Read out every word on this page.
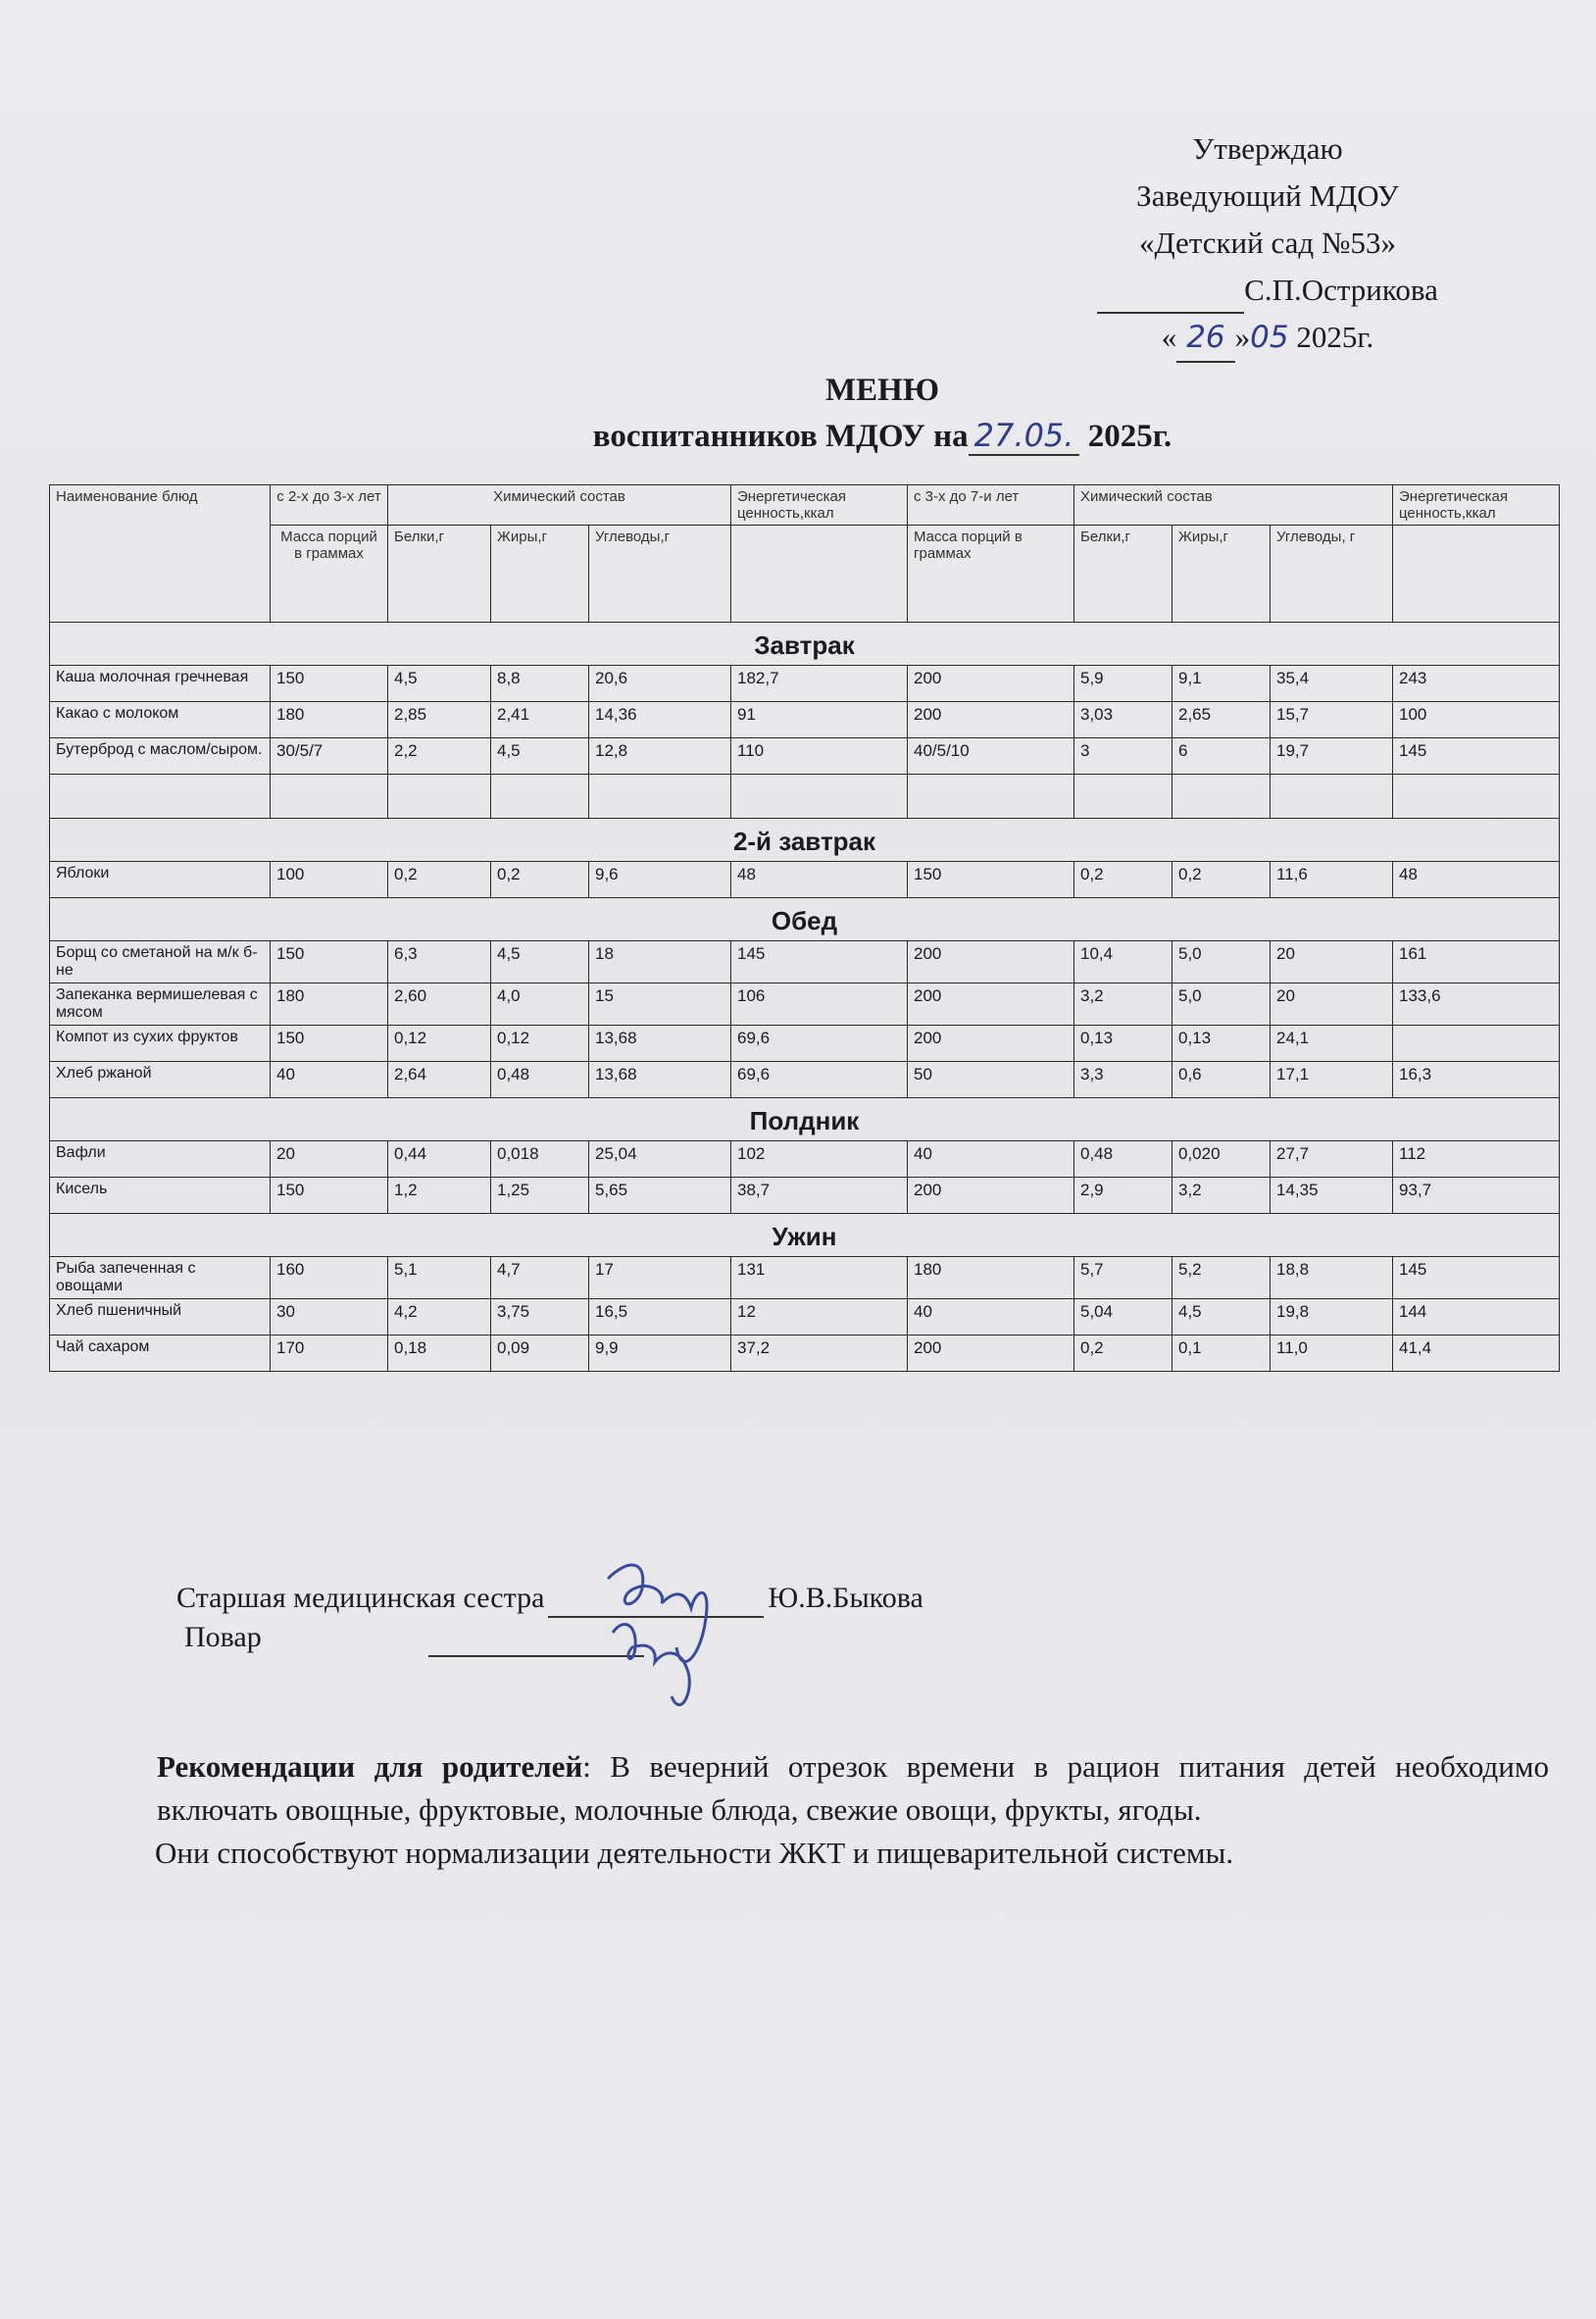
Утверждаю
Заведующий МДОУ
«Детский сад №53»
С.П.Острикова
« 26 »05 2025г.
МЕНЮ
воспитанников МДОУ на 27.05. 2025г.
Наименование блюд	с 2-х до 3-х лет	Химический состав			Энергетическая ценность,ккал	с 3-х до 7-и лет	Химический состав			Энергетическая ценность,ккал
	Масса порций в граммах	Белки,г	Жиры,г	Углеводы,г		Масса порций в граммах	Белки,г	Жиры,г	Углеводы, г	
Завтрак										
Каша молочная гречневая	150	4,5	8,8	20,6	182,7	200	5,9	9,1	35,4	243
Какао с молоком	180	2,85	2,41	14,36	91	200	3,03	2,65	15,7	100
Бутерброд с маслом/сыром.	30/5/7	2,2	4,5	12,8	110	40/5/10	3	6	19,7	145

2-й завтрак										
Яблоки	100	0,2	0,2	9,6	48	150	0,2	0,2	11,6	48
Обед										
Борщ со сметаной на м/к б-не	150	6,3	4,5	18	145	200	10,4	5,0	20	161
Запеканка вермишелевая с мясом	180	2,60	4,0	15	106	200	3,2	5,0	20	133,6
Компот из сухих фруктов	150	0,12	0,12	13,68	69,6	200	0,13	0,13	24,1	
Хлеб ржаной	40	2,64	0,48	13,68	69,6	50	3,3	0,6	17,1	16,3
Полдник										
Вафли	20	0,44	0,018	25,04	102	40	0,48	0,020	27,7	112
Кисель	150	1,2	1,25	5,65	38,7	200	2,9	3,2	14,35	93,7
Ужин										
Рыба запеченная с овощами	160	5,1	4,7	17	131	180	5,7	5,2	18,8	145
Хлеб пшеничный	30	4,2	3,75	16,5	12	40	5,04	4,5	19,8	144
Чай сахаром	170	0,18	0,09	9,9	37,2	200	0,2	0,1	11,0	41,4
Старшая медицинская сестра	Ю.В.Быкова
Повар
Рекомендации для родителей: В вечерний отрезок времени в рацион питания детей необходимо включать овощные, фруктовые, молочные блюда, свежие овощи, фрукты, ягоды.
Они способствуют нормализации деятельности ЖКТ и пищеварительной системы.
